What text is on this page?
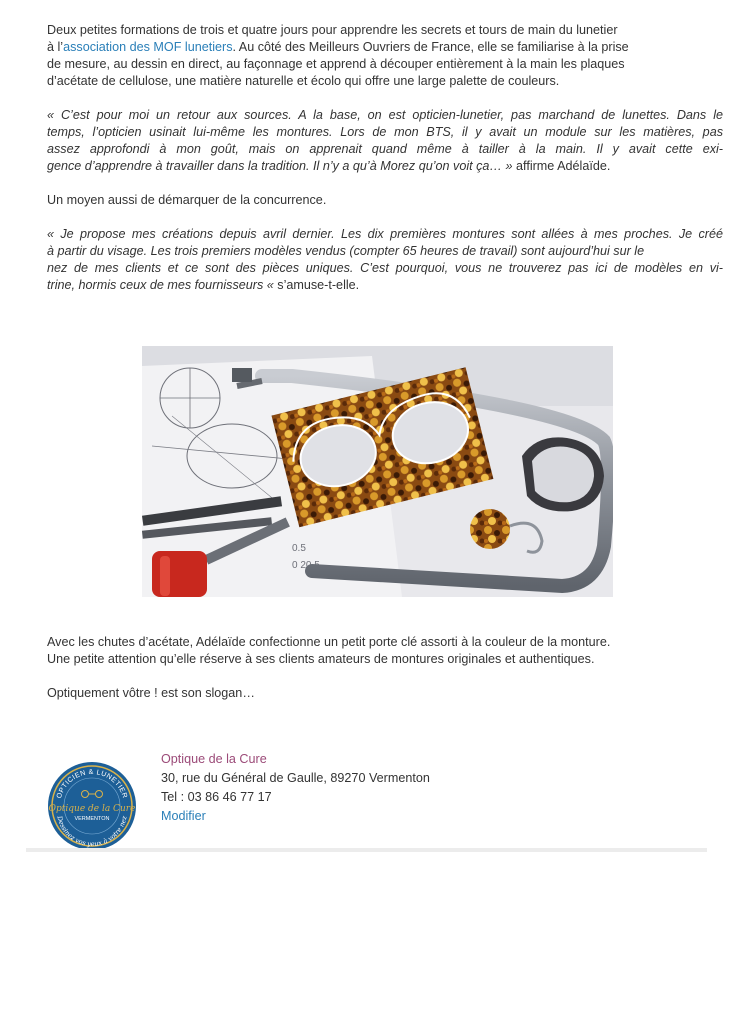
Deux petites formations de trois et quatre jours pour apprendre les secrets et tours de main du lunetier
à l’association des MOF lunetiers. Au côté des Meilleurs Ouvriers de France, elle se familiarise à la prise
de mesure, au dessin en direct, au façonnage et apprend à découper entièrement à la main les plaques
d’acétate de cellulose, une matière naturelle et écolo qui offre une large palette de couleurs.

« C’est pour moi un retour aux sources. A la base, on est opticien-lunetier, pas marchand de lunettes. Dans le
temps, l’opticien usinait lui-même les montures. Lors de mon BTS, il y avait un module sur les matières, pas
assez approfondi à mon goût, mais on apprenait quand même à tailler à la main. Il y avait cette exi-
gence d’apprendre à travailler dans la tradition. Il n’y a qu’à Morez qu’on voit ça… » affirme Adélaïde.

Un moyen aussi de démarquer de la concurrence.

« Je propose mes créations depuis avril dernier. Les dix premières montures sont allées à mes proches. Je créé
à partir du visage. Les trois premiers modèles vendus (compter 65 heures de travail) sont aujourd’hui sur le
nez de mes clients et ce sont des pièces uniques. C’est pourquoi, vous ne trouverez pas ici de modèles en vi-
trine, hormis ceux de mes fournisseurs « s’amuse-t-elle.

0.5
0 20,5

Avec les chutes d’acétate, Adélaïde confectionne un petit porte clé assorti à la couleur de la monture.
Une petite attention qu’elle réserve à ses clients amateurs de montures originales et authentiques.

Optiquement vôtre ! est son slogan…

OPTICIEN & LUNETIER
Optique de la Cure
VERMENTON
Dessinez vos yeux à votre nez
Optique de la Cure
30, rue du Général de Gaulle, 89270 Vermenton
Tel : 03 86 46 77 17
Modifier
